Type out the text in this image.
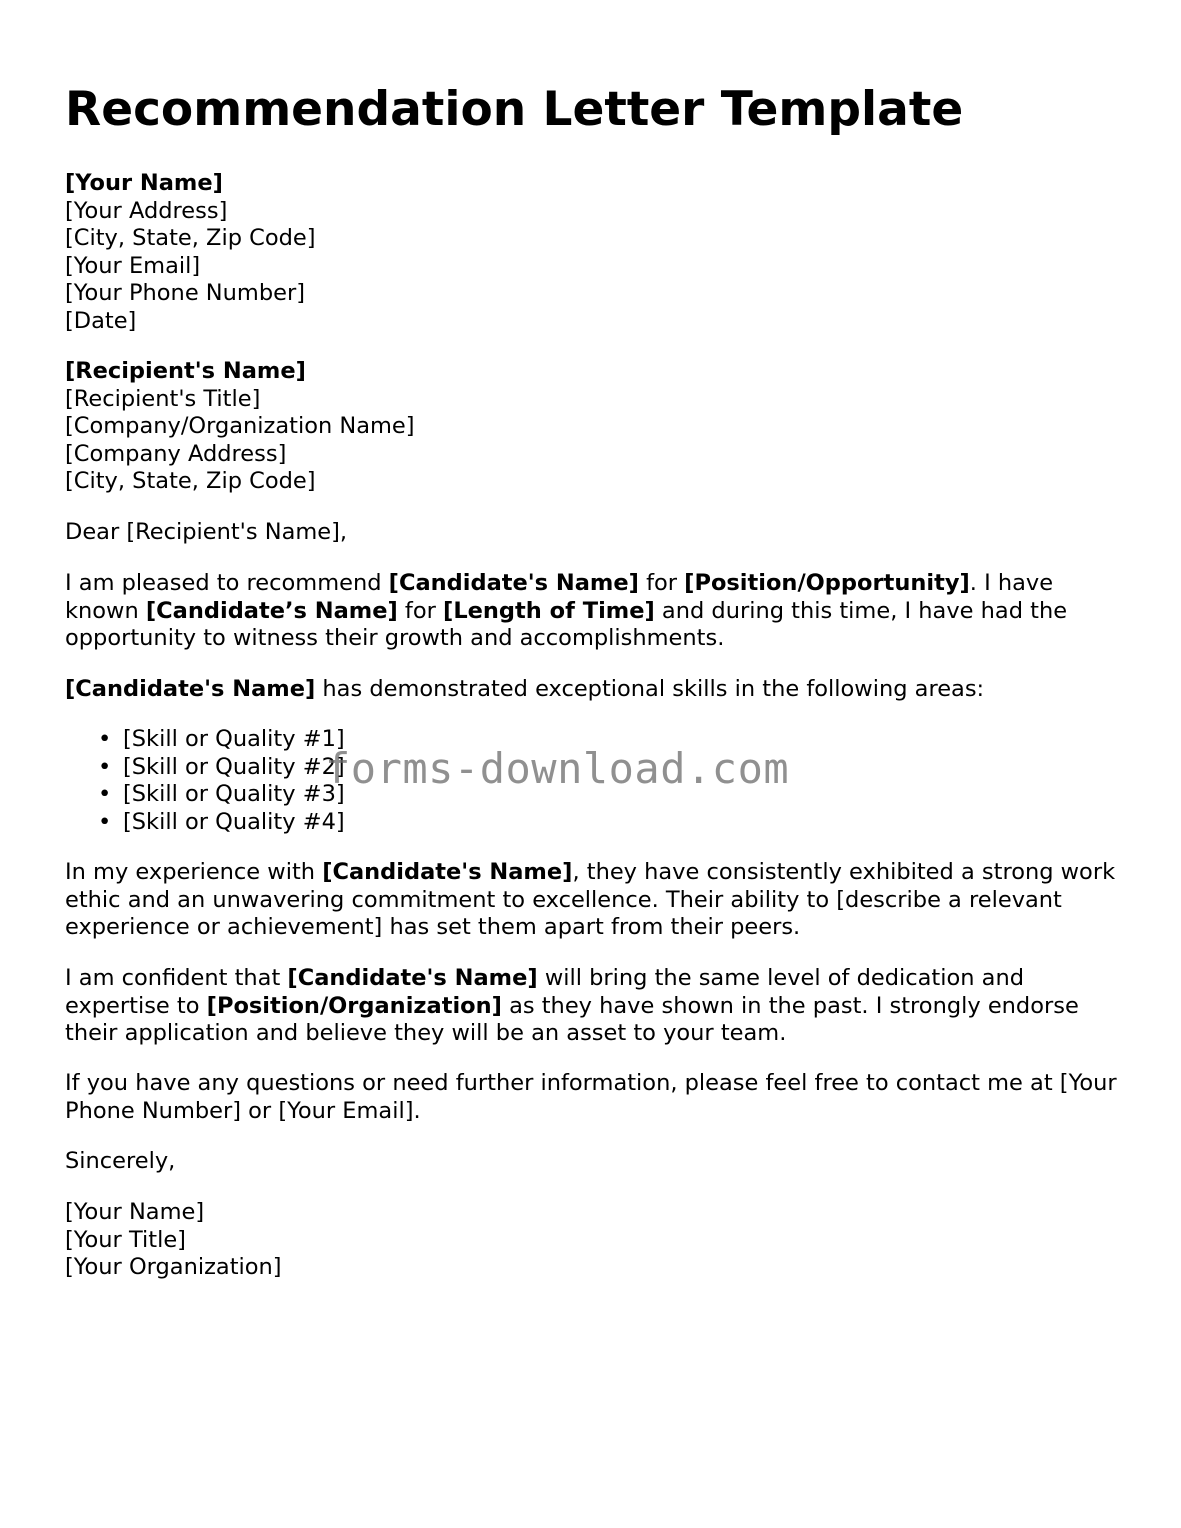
Recommendation Letter Template
[Your Name]
[Your Address]
[City, State, Zip Code]
[Your Email]
[Your Phone Number]
[Date]
[Recipient's Name]
[Recipient's Title]
[Company/Organization Name]
[Company Address]
[City, State, Zip Code]

Dear [Recipient's Name],

I am pleased to recommend [Candidate's Name] for [Position/Opportunity]. I have known [Candidate’s Name] for [Length of Time] and during this time, I have had the opportunity to witness their growth and accomplishments.

[Candidate's Name] has demonstrated exceptional skills in the following areas:

• [Skill or Quality #1]
• [Skill or Quality #2]
• [Skill or Quality #3]
• [Skill or Quality #4]

In my experience with [Candidate's Name], they have consistently exhibited a strong work ethic and an unwavering commitment to excellence. Their ability to [describe a relevant experience or achievement] has set them apart from their peers.

I am confident that [Candidate's Name] will bring the same level of dedication and expertise to [Position/Organization] as they have shown in the past. I strongly endorse their application and believe they will be an asset to your team.

If you have any questions or need further information, please feel free to contact me at [Your Phone Number] or [Your Email].

Sincerely,

[Your Name]
[Your Title]
[Your Organization]
forms-download.com
